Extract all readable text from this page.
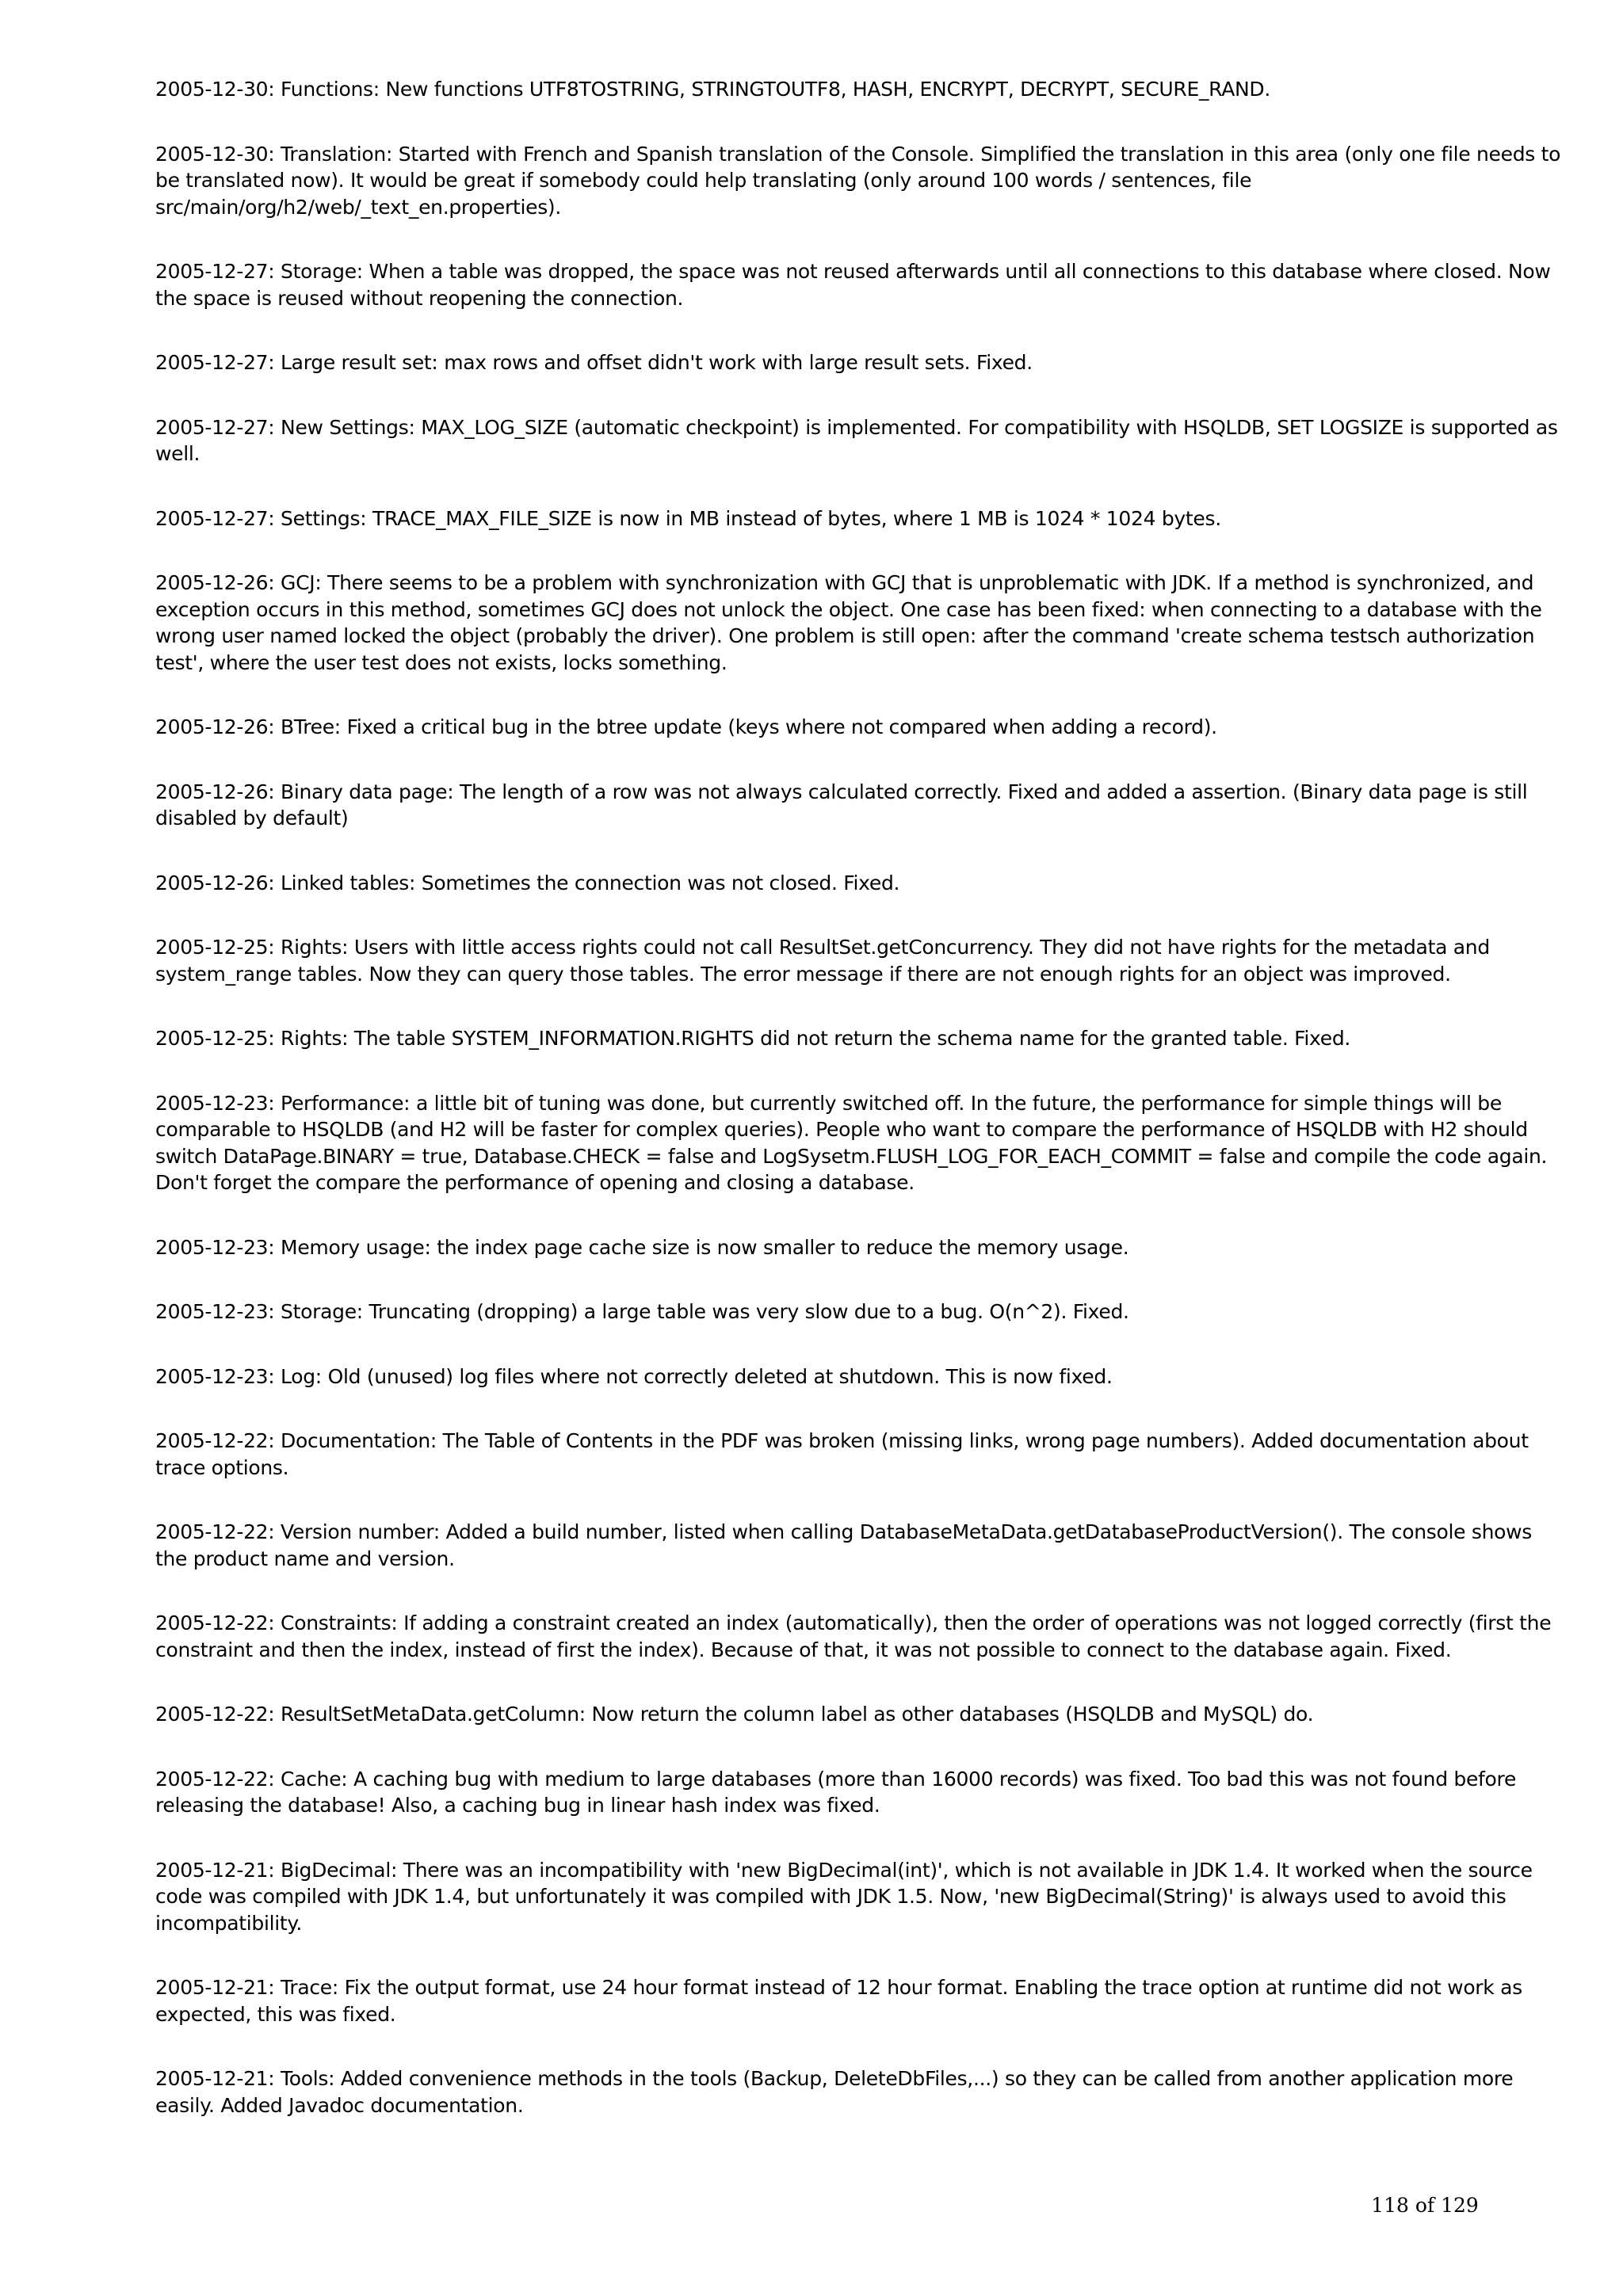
2005-12-30: Functions: New functions UTF8TOSTRING, STRINGTOUTF8, HASH, ENCRYPT, DECRYPT, SECURE_RAND.

2005-12-30: Translation: Started with French and Spanish translation of the Console. Simplified the translation in this area (only one file needs to be translated now). It would be great if somebody could help translating (only around 100 words / sentences, file src/main/org/h2/web/_text_en.properties).

2005-12-27: Storage: When a table was dropped, the space was not reused afterwards until all connections to this database where closed. Now the space is reused without reopening the connection.

2005-12-27: Large result set: max rows and offset didn't work with large result sets. Fixed.

2005-12-27: New Settings: MAX_LOG_SIZE (automatic checkpoint) is implemented. For compatibility with HSQLDB, SET LOGSIZE is supported as well.

2005-12-27: Settings: TRACE_MAX_FILE_SIZE is now in MB instead of bytes, where 1 MB is 1024 * 1024 bytes.

2005-12-26: GCJ: There seems to be a problem with synchronization with GCJ that is unproblematic with JDK. If a method is synchronized, and exception occurs in this method, sometimes GCJ does not unlock the object. One case has been fixed: when connecting to a database with the wrong user named locked the object (probably the driver). One problem is still open: after the command 'create schema testsch authorization test', where the user test does not exists, locks something.

2005-12-26: BTree: Fixed a critical bug in the btree update (keys where not compared when adding a record).

2005-12-26: Binary data page: The length of a row was not always calculated correctly. Fixed and added a assertion. (Binary data page is still disabled by default)

2005-12-26: Linked tables: Sometimes the connection was not closed. Fixed.

2005-12-25: Rights: Users with little access rights could not call ResultSet.getConcurrency. They did not have rights for the metadata and system_range tables. Now they can query those tables. The error message if there are not enough rights for an object was improved.

2005-12-25: Rights: The table SYSTEM_INFORMATION.RIGHTS did not return the schema name for the granted table. Fixed.

2005-12-23: Performance: a little bit of tuning was done, but currently switched off. In the future, the performance for simple things will be comparable to HSQLDB (and H2 will be faster for complex queries). People who want to compare the performance of HSQLDB with H2 should switch DataPage.BINARY = true, Database.CHECK = false and LogSysetm.FLUSH_LOG_FOR_EACH_COMMIT = false and compile the code again. Don't forget the compare the performance of opening and closing a database.

2005-12-23: Memory usage: the index page cache size is now smaller to reduce the memory usage.

2005-12-23: Storage: Truncating (dropping) a large table was very slow due to a bug. O(n^2). Fixed.

2005-12-23: Log: Old (unused) log files where not correctly deleted at shutdown. This is now fixed.

2005-12-22: Documentation: The Table of Contents in the PDF was broken (missing links, wrong page numbers). Added documentation about trace options.

2005-12-22: Version number: Added a build number, listed when calling DatabaseMetaData.getDatabaseProductVersion(). The console shows the product name and version.

2005-12-22: Constraints: If adding a constraint created an index (automatically), then the order of operations was not logged correctly (first the constraint and then the index, instead of first the index). Because of that, it was not possible to connect to the database again. Fixed.

2005-12-22: ResultSetMetaData.getColumn: Now return the column label as other databases (HSQLDB and MySQL) do.

2005-12-22: Cache: A caching bug with medium to large databases (more than 16000 records) was fixed. Too bad this was not found before releasing the database! Also, a caching bug in linear hash index was fixed.

2005-12-21: BigDecimal: There was an incompatibility with 'new BigDecimal(int)', which is not available in JDK 1.4. It worked when the source code was compiled with JDK 1.4, but unfortunately it was compiled with JDK 1.5. Now, 'new BigDecimal(String)' is always used to avoid this incompatibility.

2005-12-21: Trace: Fix the output format, use 24 hour format instead of 12 hour format. Enabling the trace option at runtime did not work as expected, this was fixed.

2005-12-21: Tools: Added convenience methods in the tools (Backup, DeleteDbFiles,...) so they can be called from another application more easily. Added Javadoc documentation.

118 of 129
